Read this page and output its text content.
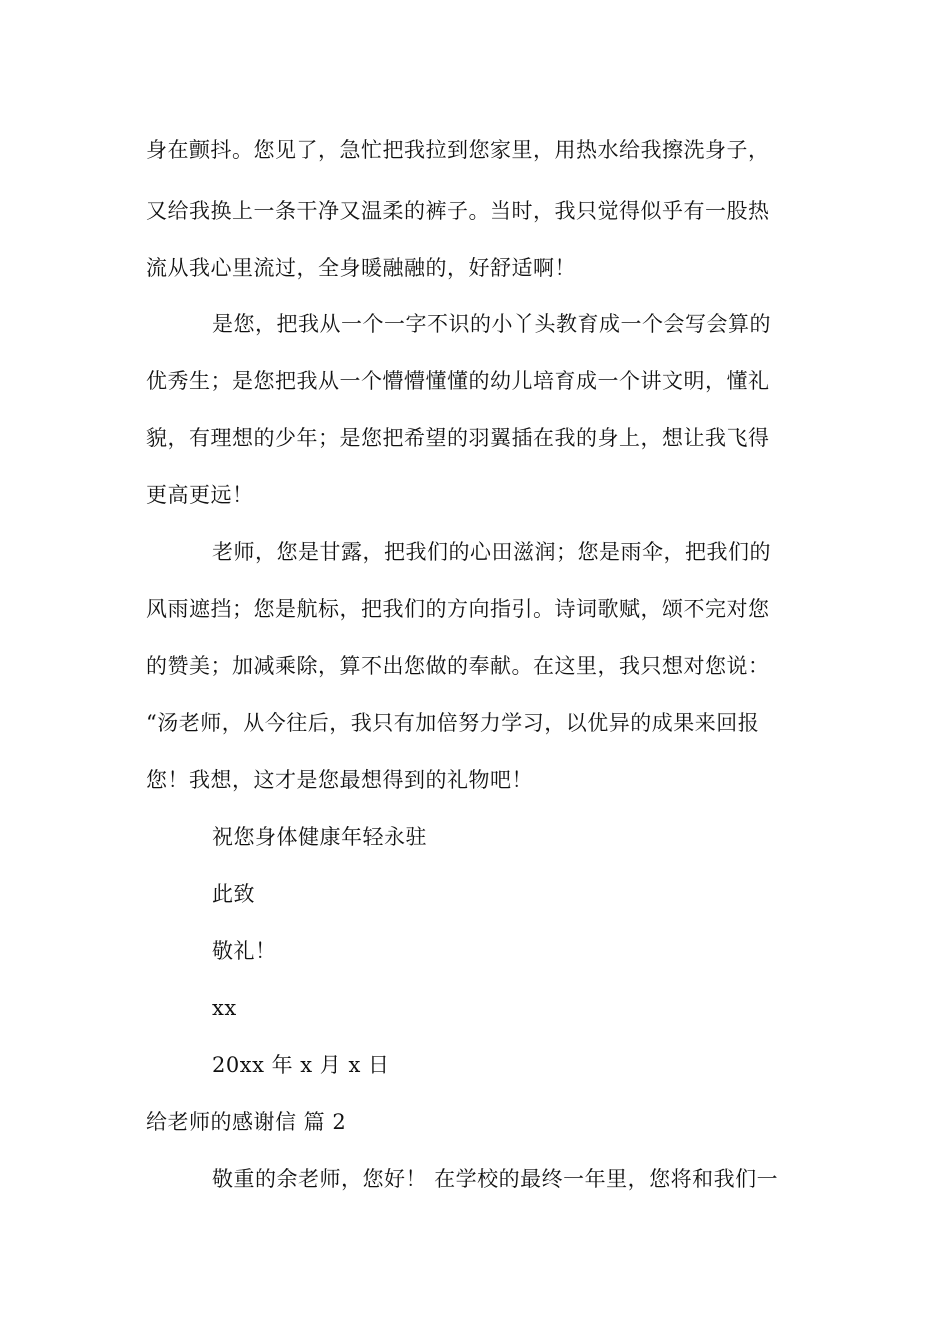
身在颤抖。您见了，急忙把我拉到您家里，用热水给我擦洗身子，
又给我换上一条干净又温柔的裤子。当时，我只觉得似乎有一股热
流从我心里流过，全身暖融融的，好舒适啊！
是您，把我从一个一字不识的小丫头教育成一个会写会算的
优秀生；是您把我从一个懵懵懂懂的幼儿培育成一个讲文明，懂礼
貌，有理想的少年；是您把希望的羽翼插在我的身上，想让我飞得
更高更远！
老师，您是甘露，把我们的心田滋润；您是雨伞，把我们的
风雨遮挡；您是航标，把我们的方向指引。诗词歌赋，颂不完对您
的赞美；加减乘除，算不出您做的奉献。在这里，我只想对您说：
“汤老师，从今往后，我只有加倍努力学习，以优异的成果来回报
您！我想，这才是您最想得到的礼物吧！
祝您身体健康年轻永驻
此致
敬礼！
xx
20xx 年 x 月 x 日
给老师的感谢信 篇 2
敬重的余老师，您好！ 在学校的最终一年里，您将和我们一
